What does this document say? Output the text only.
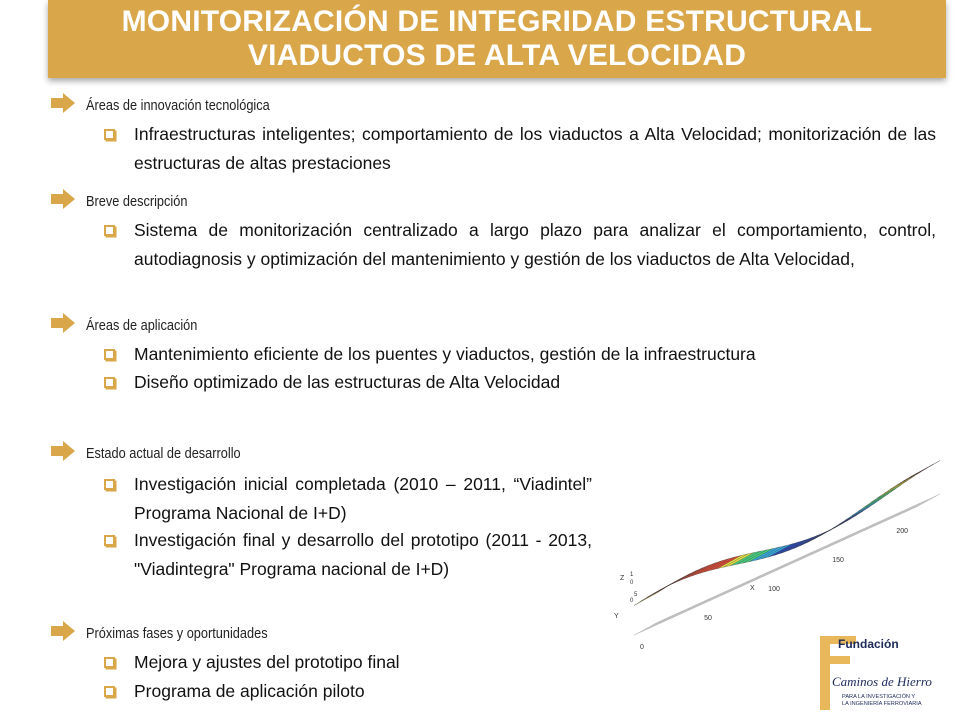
MONITORIZACIÓN DE INTEGRIDAD ESTRUCTURAL
VIADUCTOS DE ALTA VELOCIDAD
Áreas de innovación tecnológica
Infraestructuras inteligentes; comportamiento de los viaductos a Alta Velocidad; monitorización de las estructuras de altas prestaciones
Breve descripción
Sistema de monitorización centralizado a largo plazo para analizar el comportamiento, control, autodiagnosis y optimización del mantenimiento y gestión de los viaductos de Alta Velocidad,
Áreas de aplicación
Mantenimiento eficiente de los puentes y viaductos, gestión de la infraestructura
Diseño optimizado de las estructuras de Alta Velocidad
Estado actual de desarrollo
Investigación inicial completada (2010 – 2011, “Viadintel” Programa Nacional de I+D)
Investigación final y desarrollo del prototipo (2011 - 2013, "Viadintegra" Programa nacional de I+D)
0
50
100
150
200
X
Y
Z
0
5
0
1
Próximas fases y oportunidades
Mejora y ajustes del prototipo final
Programa de aplicación piloto
Fundación
Caminos de Hierro
PARA LA INVESTIGACIÓN Y
LA INGENIERÍA FERROVIARIA
